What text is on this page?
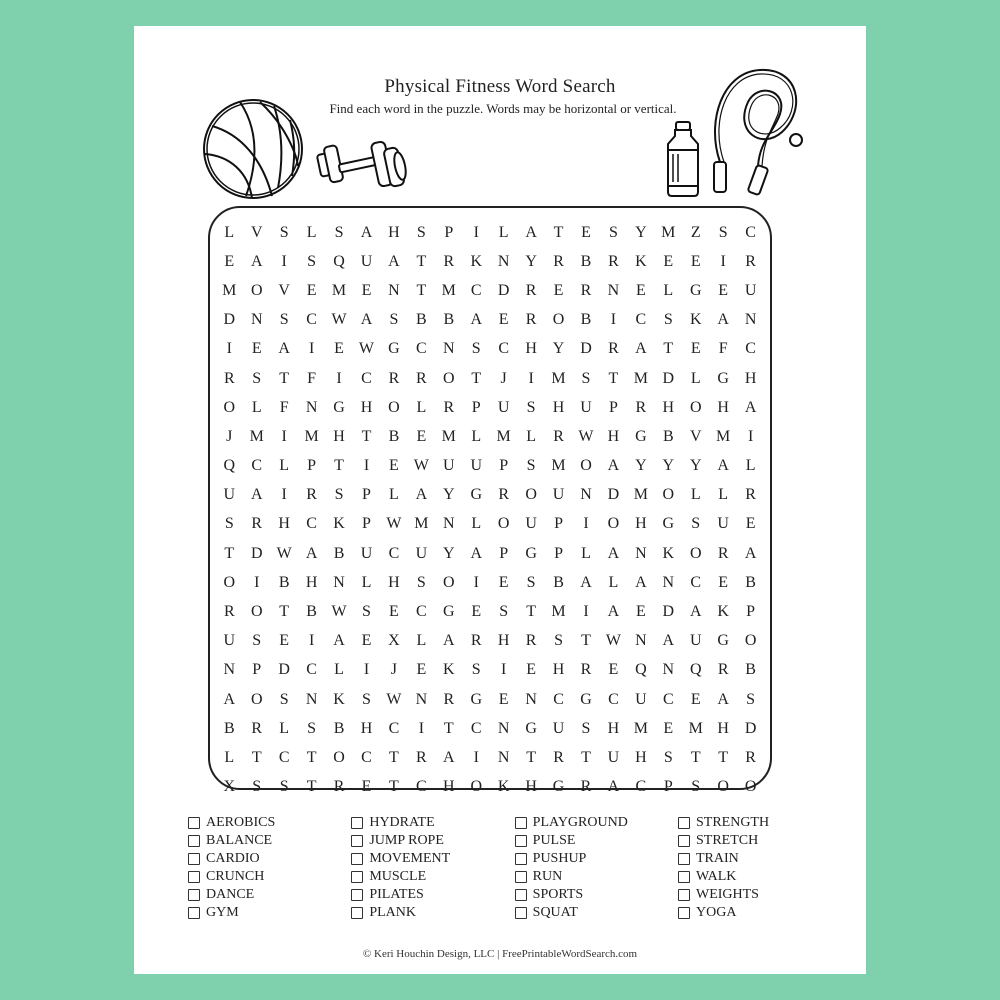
Physical Fitness Word Search
Find each word in the puzzle. Words may be horizontal or vertical.
L	V	S	L	S	A H	S	P	I	L	A	T	E	S	Y M Z	S	C
E	A	I	S	Q U A	T	R	K N Y	R	B	R	K	E	E	I	R
M O V	E M E	N	T M C	D	R	E	R	N	E	L	G	E	U
D N	S	C W A	S	B	B	A	E	R	O	B	I	C	S	K A N
I	E	A	I	E W G	C	N	S	C	H Y D	R	A	T	E	F	C
R	S	T	F	I	C	R	R	O	T	J	I	M S	T M D	L	G H
O	L	F	N G H O	L	R	P	U	S	H U	P	R	H O H A
J	M	I	M H	T	B	E M L M L	R W H G	B	V M	I
Q	C	L	P	T	I	E W U U	P	S M O A Y Y Y A	L
U A	I	R	S	P	L	A Y G	R	O U N D M O	L	L	R
S	R	H	C	K	P W M N	L	O U	P	I	O H G	S	U	E
T	D W A	B	U	C	U Y A	P	G	P	L	A N K O	R	A
O	I	B	H N	L	H	S	O	I	E	S	B	A	L	A N	C	E	B
R	O	T	B W S	E	C	G	E	S	T M	I	A	E	D A K	P
U	S	E	I	A	E	X	L	A	R	H	R	S	T W N A U G O
N	P	D	C	L	I	J	E	K	S	I	E	H	R	E	Q N Q	R	B
A O	S	N K	S W N	R	G	E	N	C	G	C	U	C	E	A	S
B	R	L	S	B	H	C	I	T	C	N G U	S	H M E M H D
L	T	C	T	O	C	T	R	A	I	N	T	R	T	U H	S	T	T	R
X	S	S	T	R	E	T	C	H O K H G	R	A	C	P	S	O O
AEROBICS
BALANCE
CARDIO
CRUNCH
DANCE
GYM
HYDRATE
JUMP ROPE
MOVEMENT
MUSCLE
PILATES
PLANK
PLAYGROUND
PULSE
PUSHUP
RUN
SPORTS
SQUAT
STRENGTH
STRETCH
TRAIN
WALK
WEIGHTS
YOGA
© Keri Houchin Design, LLC | FreePrintableWordSearch.com
